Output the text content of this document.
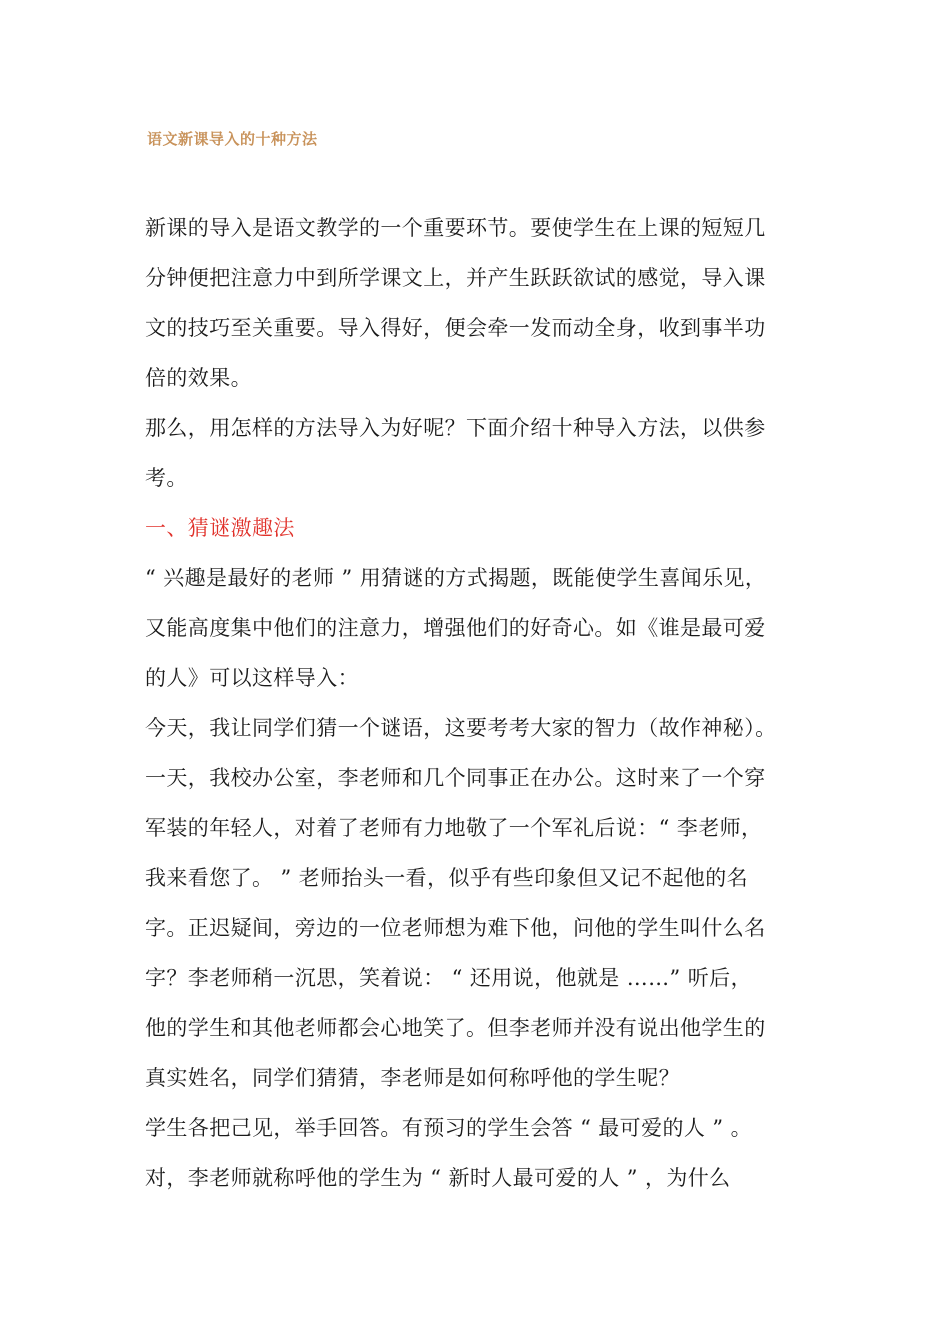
语文新课导入的十种方法
新课的导入是语文教学的一个重要环节。要使学生在上课的短短几
分钟便把注意力中到所学课文上，并产生跃跃欲试的感觉，导入课
文的技巧至关重要。导入得好，便会牵一发而动全身，收到事半功
倍的效果。
那么，用怎样的方法导入为好呢？下面介绍十种导入方法，以供参
考。
一、猜谜激趣法
“ 兴趣是最好的老师 ” 用猜谜的方式揭题，既能使学生喜闻乐见，
又能高度集中他们的注意力，增强他们的好奇心。如《谁是最可爱
的人》可以这样导入：
今天，我让同学们猜一个谜语，这要考考大家的智力（故作神秘）。
一天，我校办公室，李老师和几个同事正在办公。这时来了一个穿
军装的年轻人，对着了老师有力地敬了一个军礼后说：“ 李老师，
我来看您了。 ” 老师抬头一看，似乎有些印象但又记不起他的名
字。正迟疑间，旁边的一位老师想为难下他，问他的学生叫什么名
字？李老师稍一沉思，笑着说： “ 还用说，他就是 ……” 听后，
他的学生和其他老师都会心地笑了。但李老师并没有说出他学生的
真实姓名，同学们猜猜，李老师是如何称呼他的学生呢？
学生各把己见，举手回答。有预习的学生会答 “ 最可爱的人 ” 。
对，李老师就称呼他的学生为 “ 新时人最可爱的人 ” ，为什么
